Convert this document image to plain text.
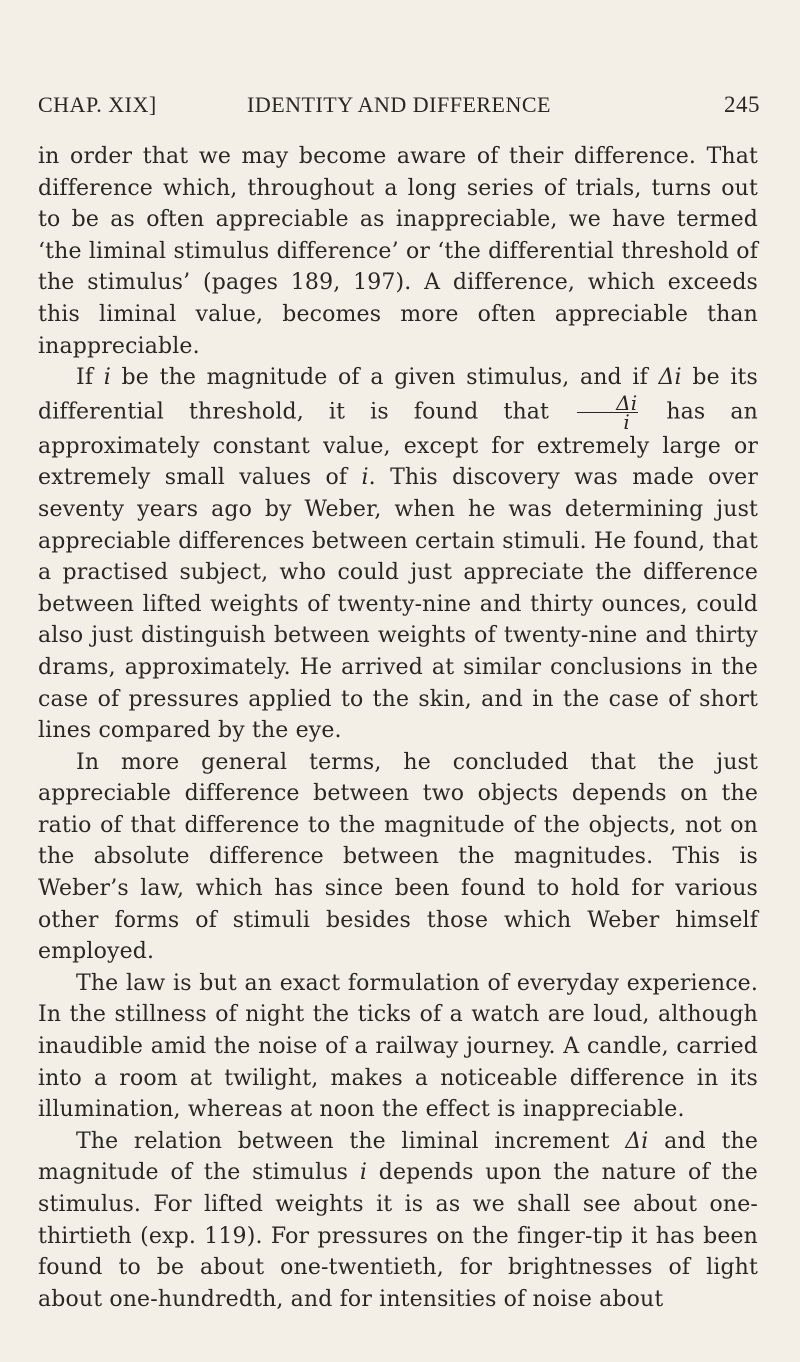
CHAP. XIX]	IDENTITY AND DIFFERENCE	245

in order that we may become aware of their difference. That difference which, throughout a long series of trials, turns out to be as often appreciable as inappreciable, we have termed ‘the liminal stimulus difference’ or ‘the differential threshold of the stimulus’ (pages 189, 197). A difference, which exceeds this liminal value, becomes more often appreciable than inappreciable.

If i be the magnitude of a given stimulus, and if Δi be its differential threshold, it is found that $\frac{\Delta i}{i}$ has an approximately constant value, except for extremely large or extremely small values of i. This discovery was made over seventy years ago by Weber, when he was determining just appreciable differences between certain stimuli. He found, that a practised subject, who could just appreciate the difference between lifted weights of twenty-nine and thirty ounces, could also just distinguish between weights of twenty-nine and thirty drams, approximately. He arrived at similar conclusions in the case of pressures applied to the skin, and in the case of short lines compared by the eye.

In more general terms, he concluded that the just appreciable difference between two objects depends on the ratio of that difference to the magnitude of the objects, not on the absolute difference between the magnitudes. This is Weber’s law, which has since been found to hold for various other forms of stimuli besides those which Weber himself employed.

The law is but an exact formulation of everyday experience. In the stillness of night the ticks of a watch are loud, although inaudible amid the noise of a railway journey. A candle, carried into a room at twilight, makes a noticeable difference in its illumination, whereas at noon the effect is inappreciable.

The relation between the liminal increment Δi and the magnitude of the stimulus i depends upon the nature of the stimulus. For lifted weights it is as we shall see about one-thirtieth (exp. 119). For pressures on the finger-tip it has been found to be about one-twentieth, for brightnesses of light about one-hundredth, and for intensities of noise about
